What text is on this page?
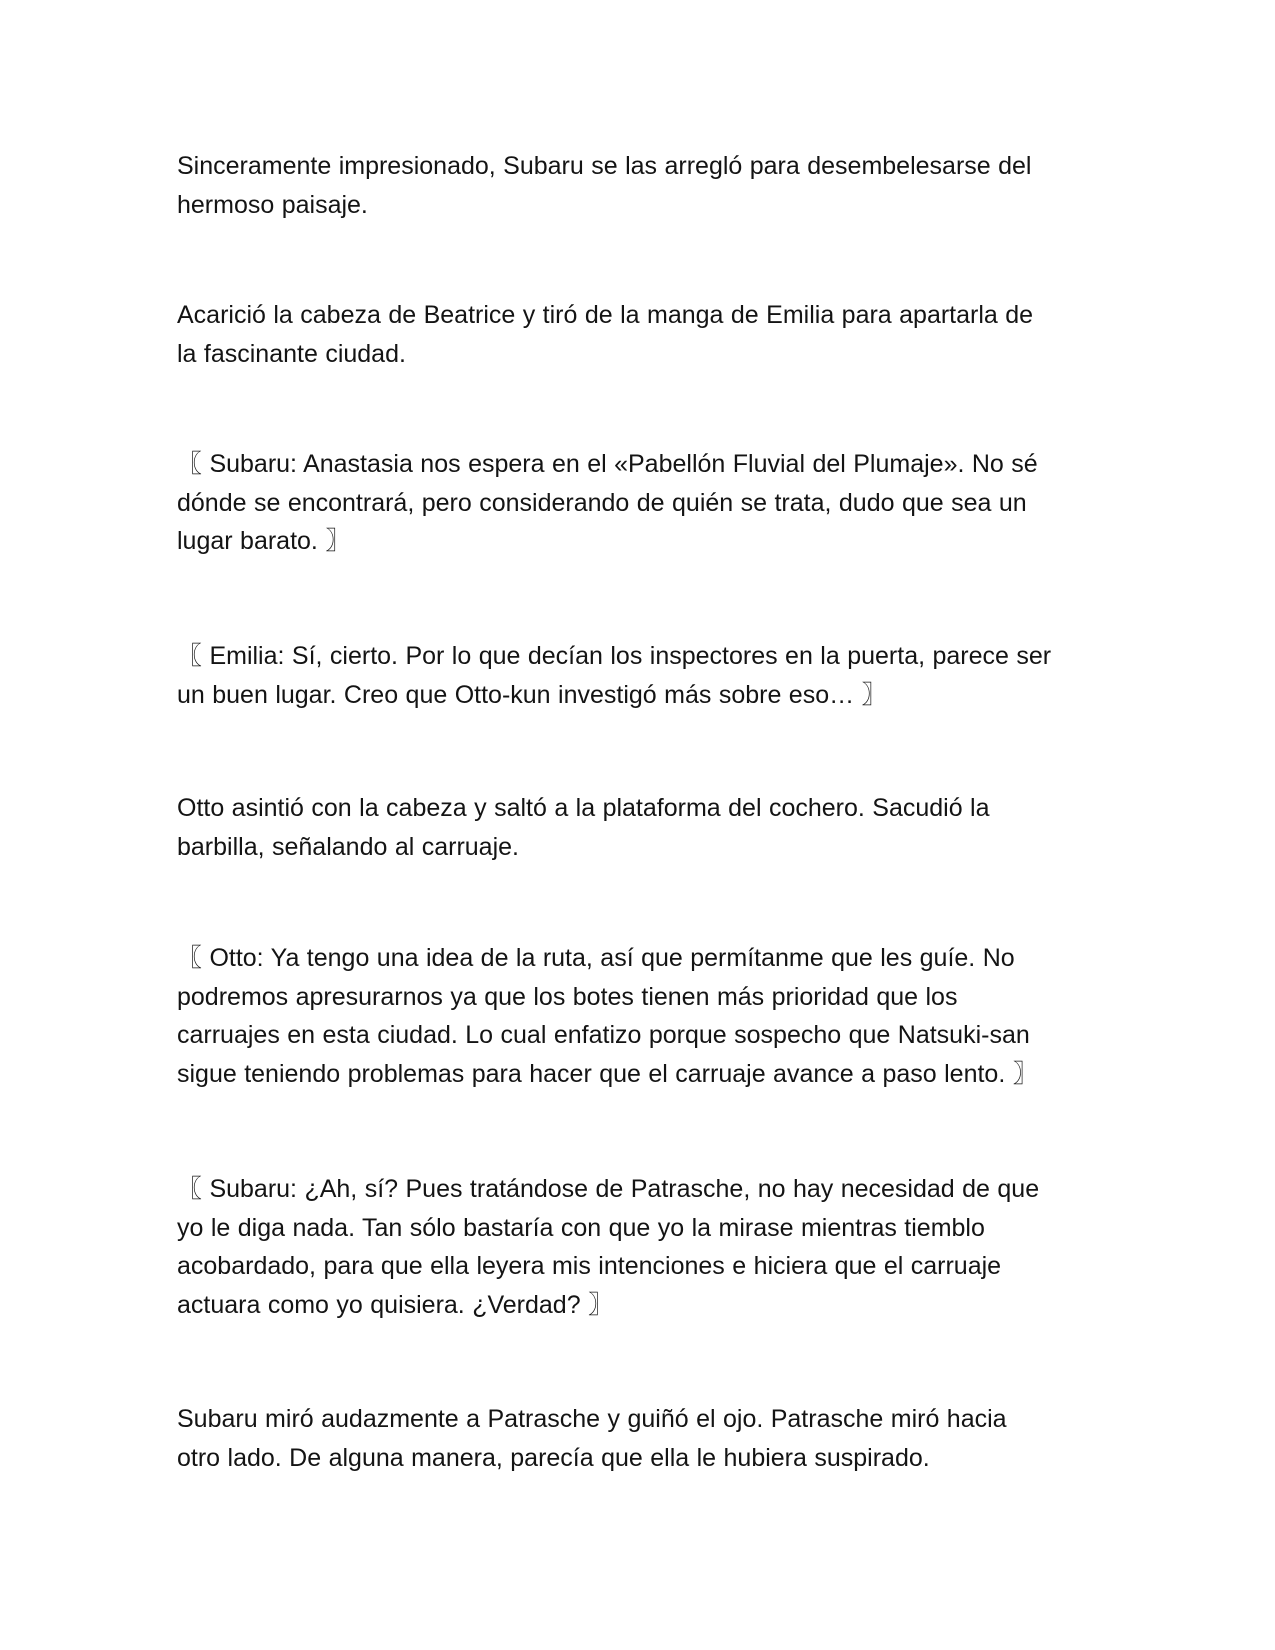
Sinceramente impresionado, Subaru se las arregló para desembelesarse del
hermoso paisaje.

Acarició la cabeza de Beatrice y tiró de la manga de Emilia para apartarla de
la fascinante ciudad.

〖 Subaru: Anastasia nos espera en el «Pabellón Fluvial del Plumaje». No sé
dónde se encontrará, pero considerando de quién se trata, dudo que sea un
lugar barato. 〗

〖 Emilia: Sí, cierto. Por lo que decían los inspectores en la puerta, parece ser
un buen lugar. Creo que Otto-kun investigó más sobre eso… 〗

Otto asintió con la cabeza y saltó a la plataforma del cochero. Sacudió la
barbilla, señalando al carruaje.

〖 Otto: Ya tengo una idea de la ruta, así que permítanme que les guíe. No
podremos apresurarnos ya que los botes tienen más prioridad que los
carruajes en esta ciudad. Lo cual enfatizo porque sospecho que Natsuki-san
sigue teniendo problemas para hacer que el carruaje avance a paso lento. 〗

〖 Subaru: ¿Ah, sí? Pues tratándose de Patrasche, no hay necesidad de que
yo le diga nada. Tan sólo bastaría con que yo la mirase mientras tiemblo
acobardado, para que ella leyera mis intenciones e hiciera que el carruaje
actuara como yo quisiera. ¿Verdad? 〗

Subaru miró audazmente a Patrasche y guiñó el ojo. Patrasche miró hacia
otro lado. De alguna manera, parecía que ella le hubiera suspirado.
